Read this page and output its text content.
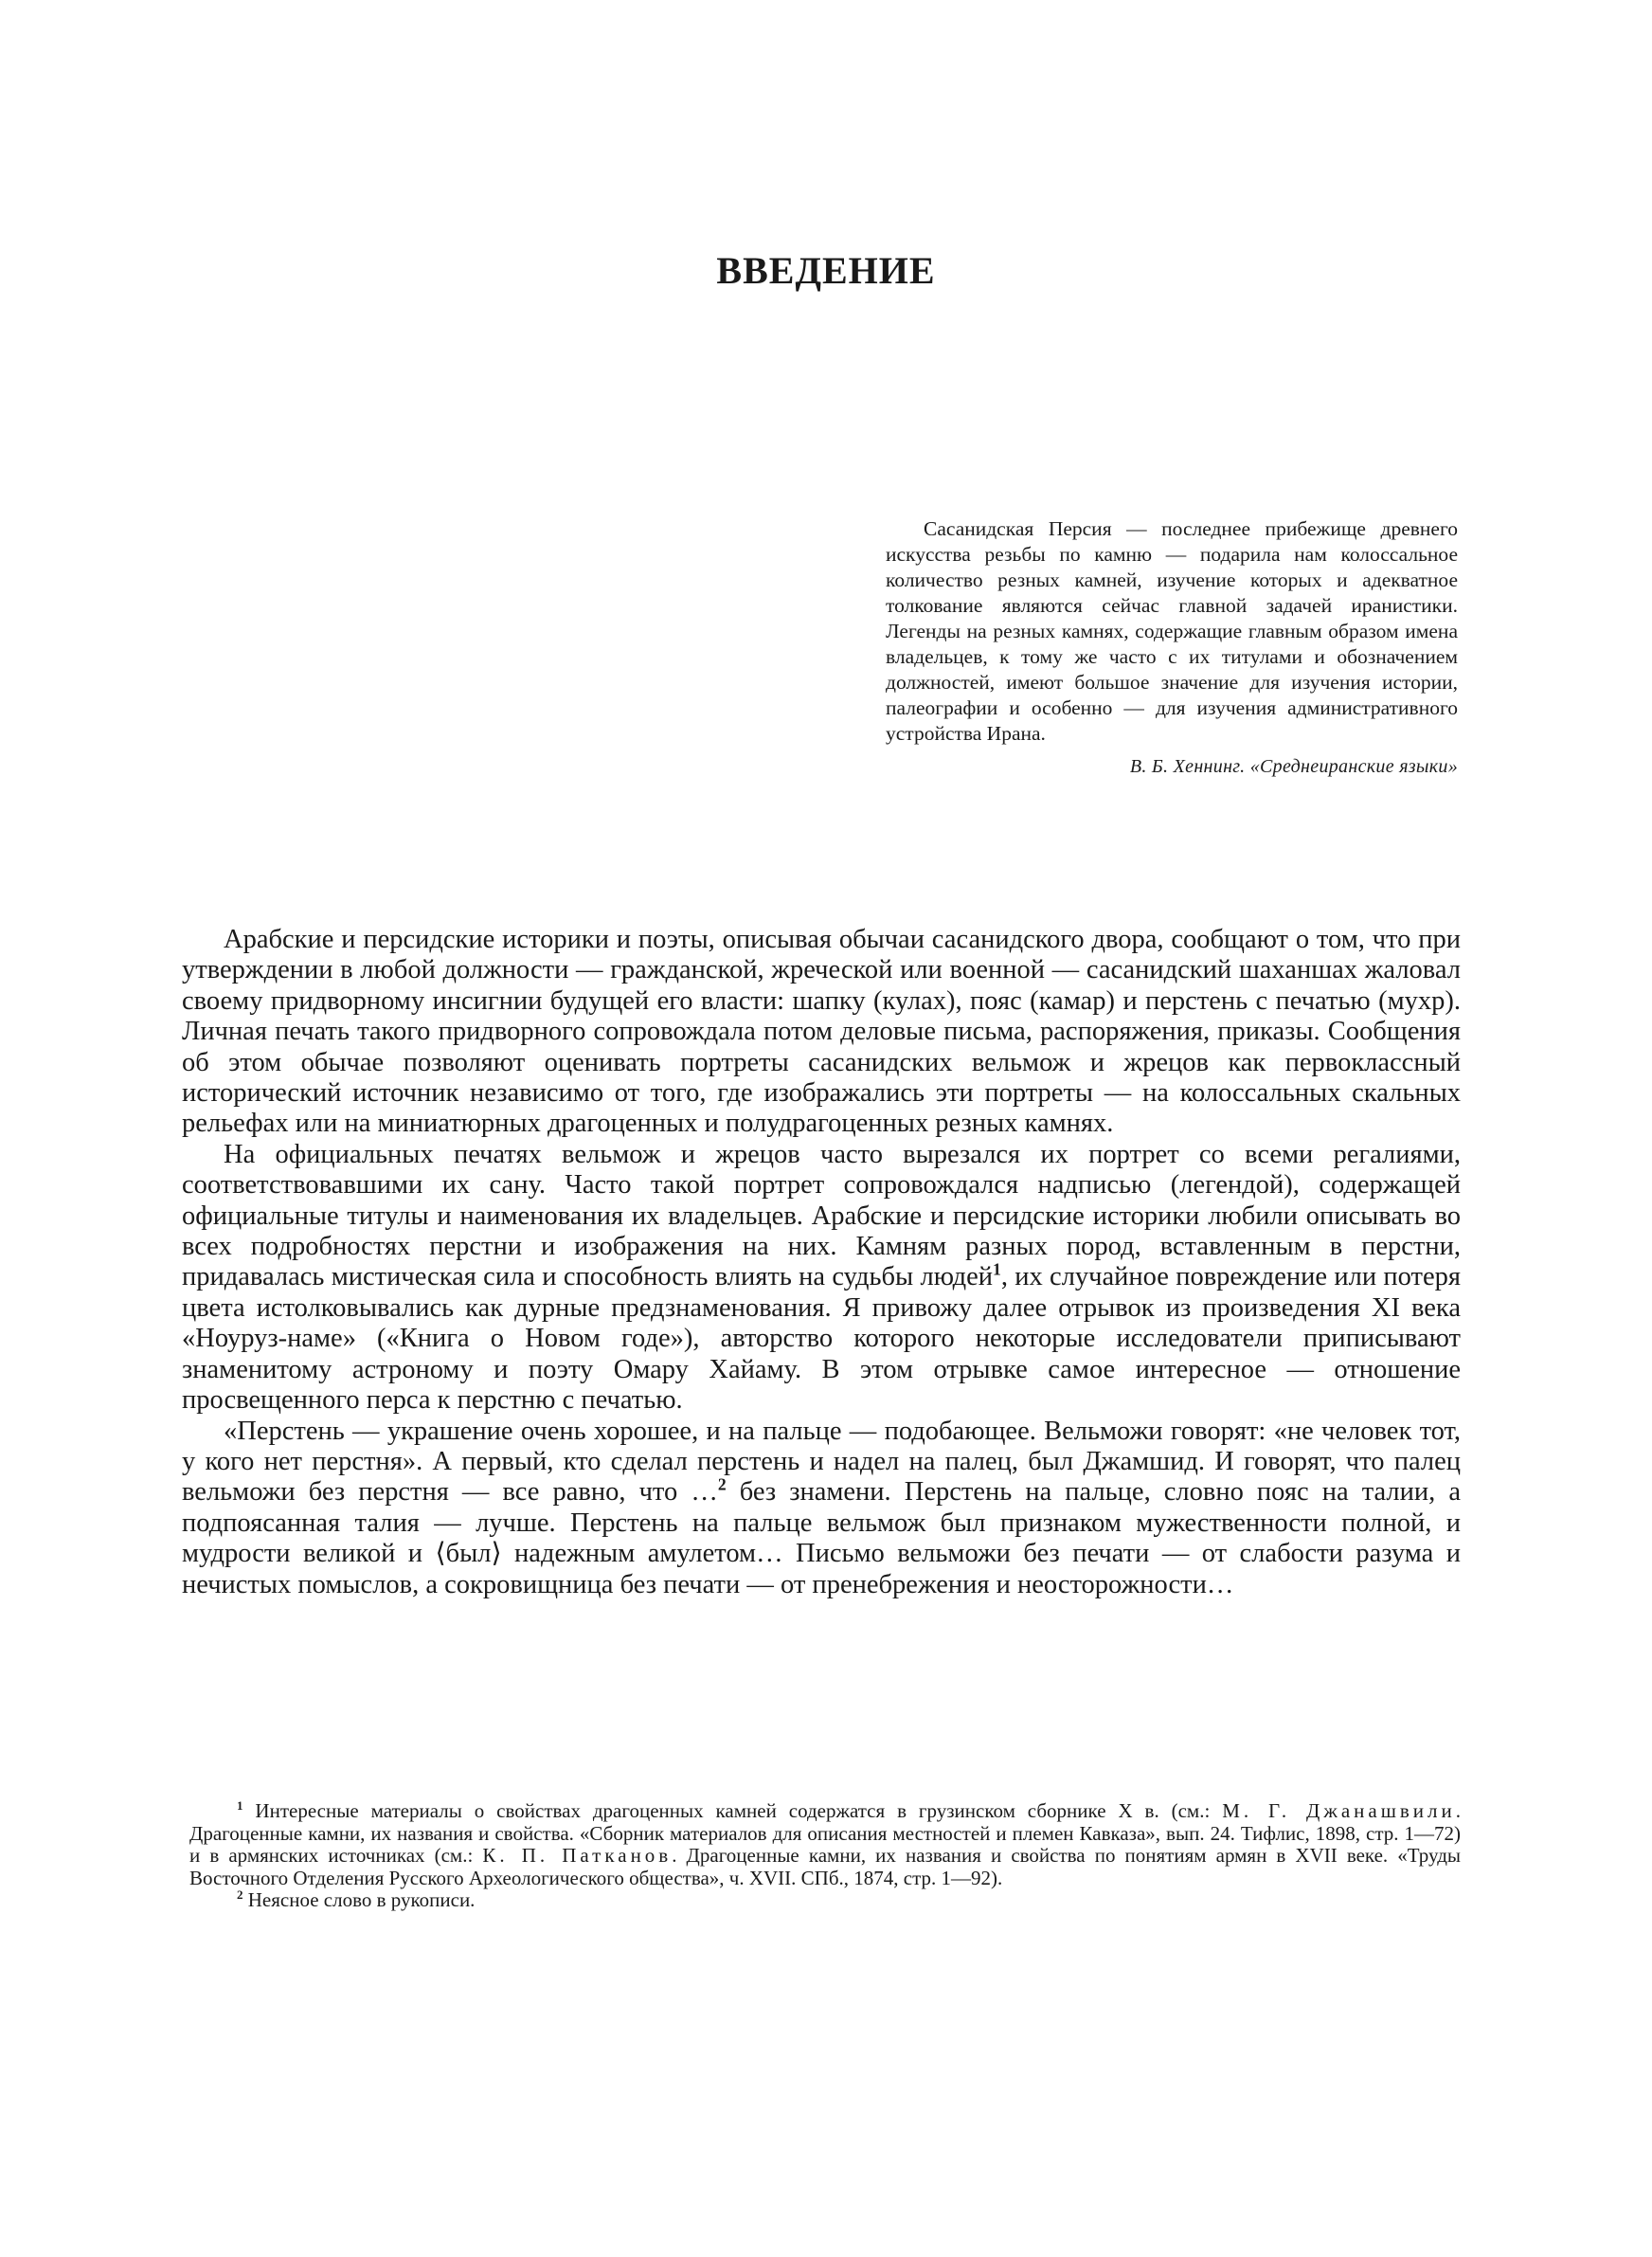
ВВЕДЕНИЕ

Сасанидская Персия — последнее прибежище древнего искусства резьбы по камню — подарила нам колоссальное количество резных камней, изучение которых и адекватное толкование являются сейчас главной задачей иранистики. Легенды на резных камнях, содержащие главным образом имена владельцев, к тому же часто с их титулами и обозначением должностей, имеют большое значение для изучения истории, палеографии и особенно — для изучения административного устройства Ирана.

В. Б. Хеннинг. «Среднеиранские языки»

Арабские и персидские историки и поэты, описывая обычаи сасанидского двора, сообщают о том, что при утверждении в любой должности — гражданской, жреческой или военной — сасанидский шаханшах жаловал своему придворному инсигнии будущей его власти: шапку (кулах), пояс (камар) и перстень с печатью (мухр). Личная печать такого придворного сопровождала потом деловые письма, распоряжения, приказы. Сообщения об этом обычае позволяют оценивать портреты сасанидских вельмож и жрецов как первоклассный исторический источник независимо от того, где изображались эти портреты — на колоссальных скальных рельефах или на миниатюрных драгоценных и полудрагоценных резных камнях.

На официальных печатях вельмож и жрецов часто вырезался их портрет со всеми регалиями, соответствовавшими их сану. Часто такой портрет сопровождался надписью (легендой), содержащей официальные титулы и наименования их владельцев. Арабские и персидские историки любили описывать во всех подробностях перстни и изображения на них. Камням разных пород, вставленным в перстни, придавалась мистическая сила и способность влиять на судьбы людей$^1$, их случайное повреждение или потеря цвета истолковывались как дурные предзнаменования. Я привожу далее отрывок из произведения XI века «Ноуруз-наме» («Книга о Новом годе»), авторство которого некоторые исследователи приписывают знаменитому астроному и поэту Омару Хайаму. В этом отрывке самое интересное — отношение просвещенного перса к перстню с печатью.

«Перстень — украшение очень хорошее, и на пальце — подобающее. Вельможи говорят: «не человек тот, у кого нет перстня». А первый, кто сделал перстень и надел на палец, был Джамшид. И говорят, что палец вельможи без перстня — все равно, что …$^2$ без знамени. Перстень на пальце, словно пояс на талии, а подпоясанная талия — лучше. Перстень на пальце вельмож был признаком мужественности полной, и мудрости великой и ⟨был⟩ надежным амулетом… Письмо вельможи без печати — от слабости разума и нечистых помыслов, а сокровищница без печати — от пренебрежения и неосторожности…

$^1$ Интересные материалы о свойствах драгоценных камней содержатся в грузинском сборнике X в. (см.: М. Г. Джанашвили. Драгоценные камни, их названия и свойства. «Сборник материалов для описания местностей и племен Кавказа», вып. 24. Тифлис, 1898, стр. 1—72) и в армянских источниках (см.: К. П. Патканов. Драгоценные камни, их названия и свойства по понятиям армян в XVII веке. «Труды Восточного Отделения Русского Археологического общества», ч. XVII. СПб., 1874, стр. 1—92).

$^2$ Неясное слово в рукописи.
